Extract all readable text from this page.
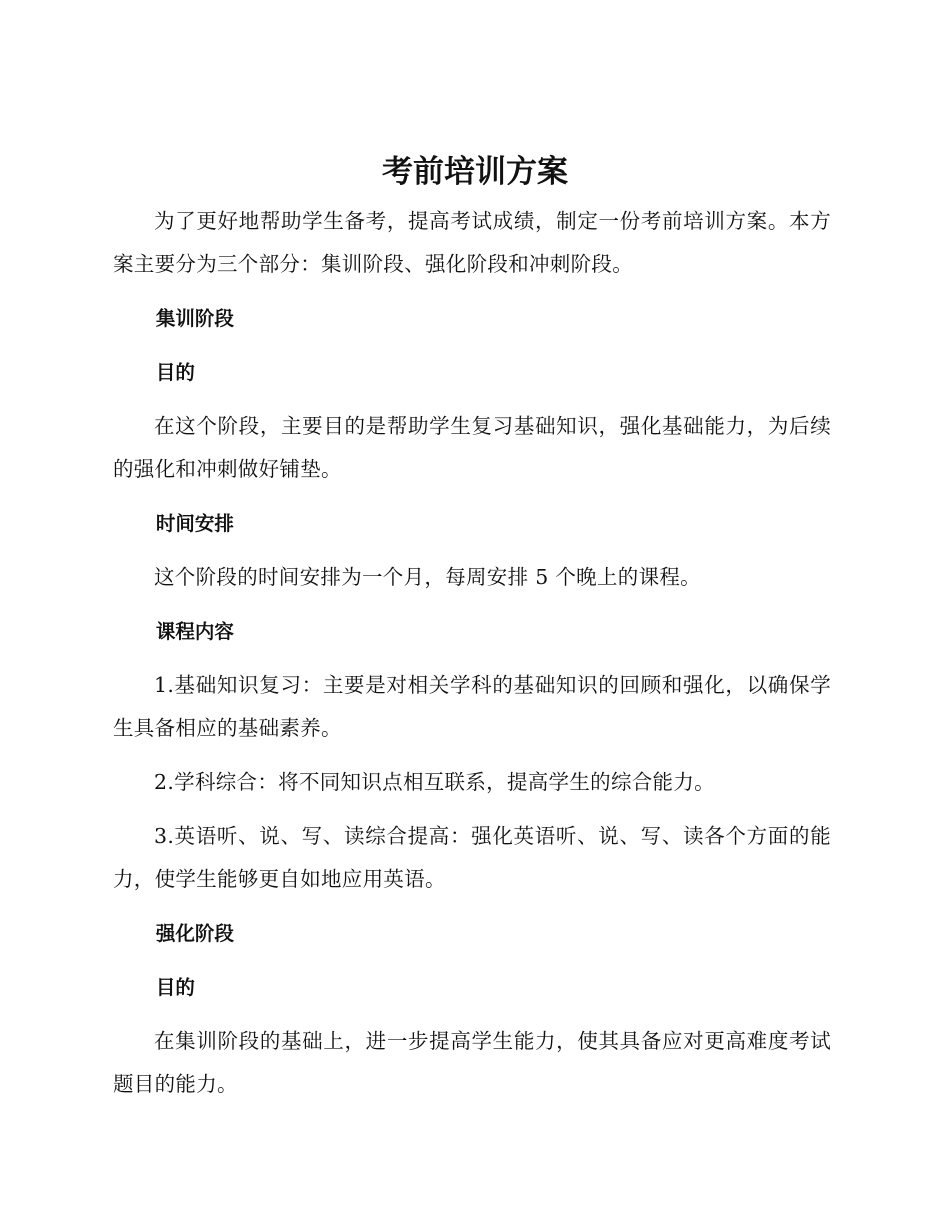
考前培训方案

为了更好地帮助学生备考，提高考试成绩，制定一份考前培训方案。本方案主要分为三个部分：集训阶段、强化阶段和冲刺阶段。

集训阶段

目的

在这个阶段，主要目的是帮助学生复习基础知识，强化基础能力，为后续的强化和冲刺做好铺垫。

时间安排

这个阶段的时间安排为一个月，每周安排 5 个晚上的课程。

课程内容

1.基础知识复习：主要是对相关学科的基础知识的回顾和强化，以确保学生具备相应的基础素养。

2.学科综合：将不同知识点相互联系，提高学生的综合能力。

3.英语听、说、写、读综合提高：强化英语听、说、写、读各个方面的能力，使学生能够更自如地应用英语。

强化阶段

目的

在集训阶段的基础上，进一步提高学生能力，使其具备应对更高难度考试题目的能力。
